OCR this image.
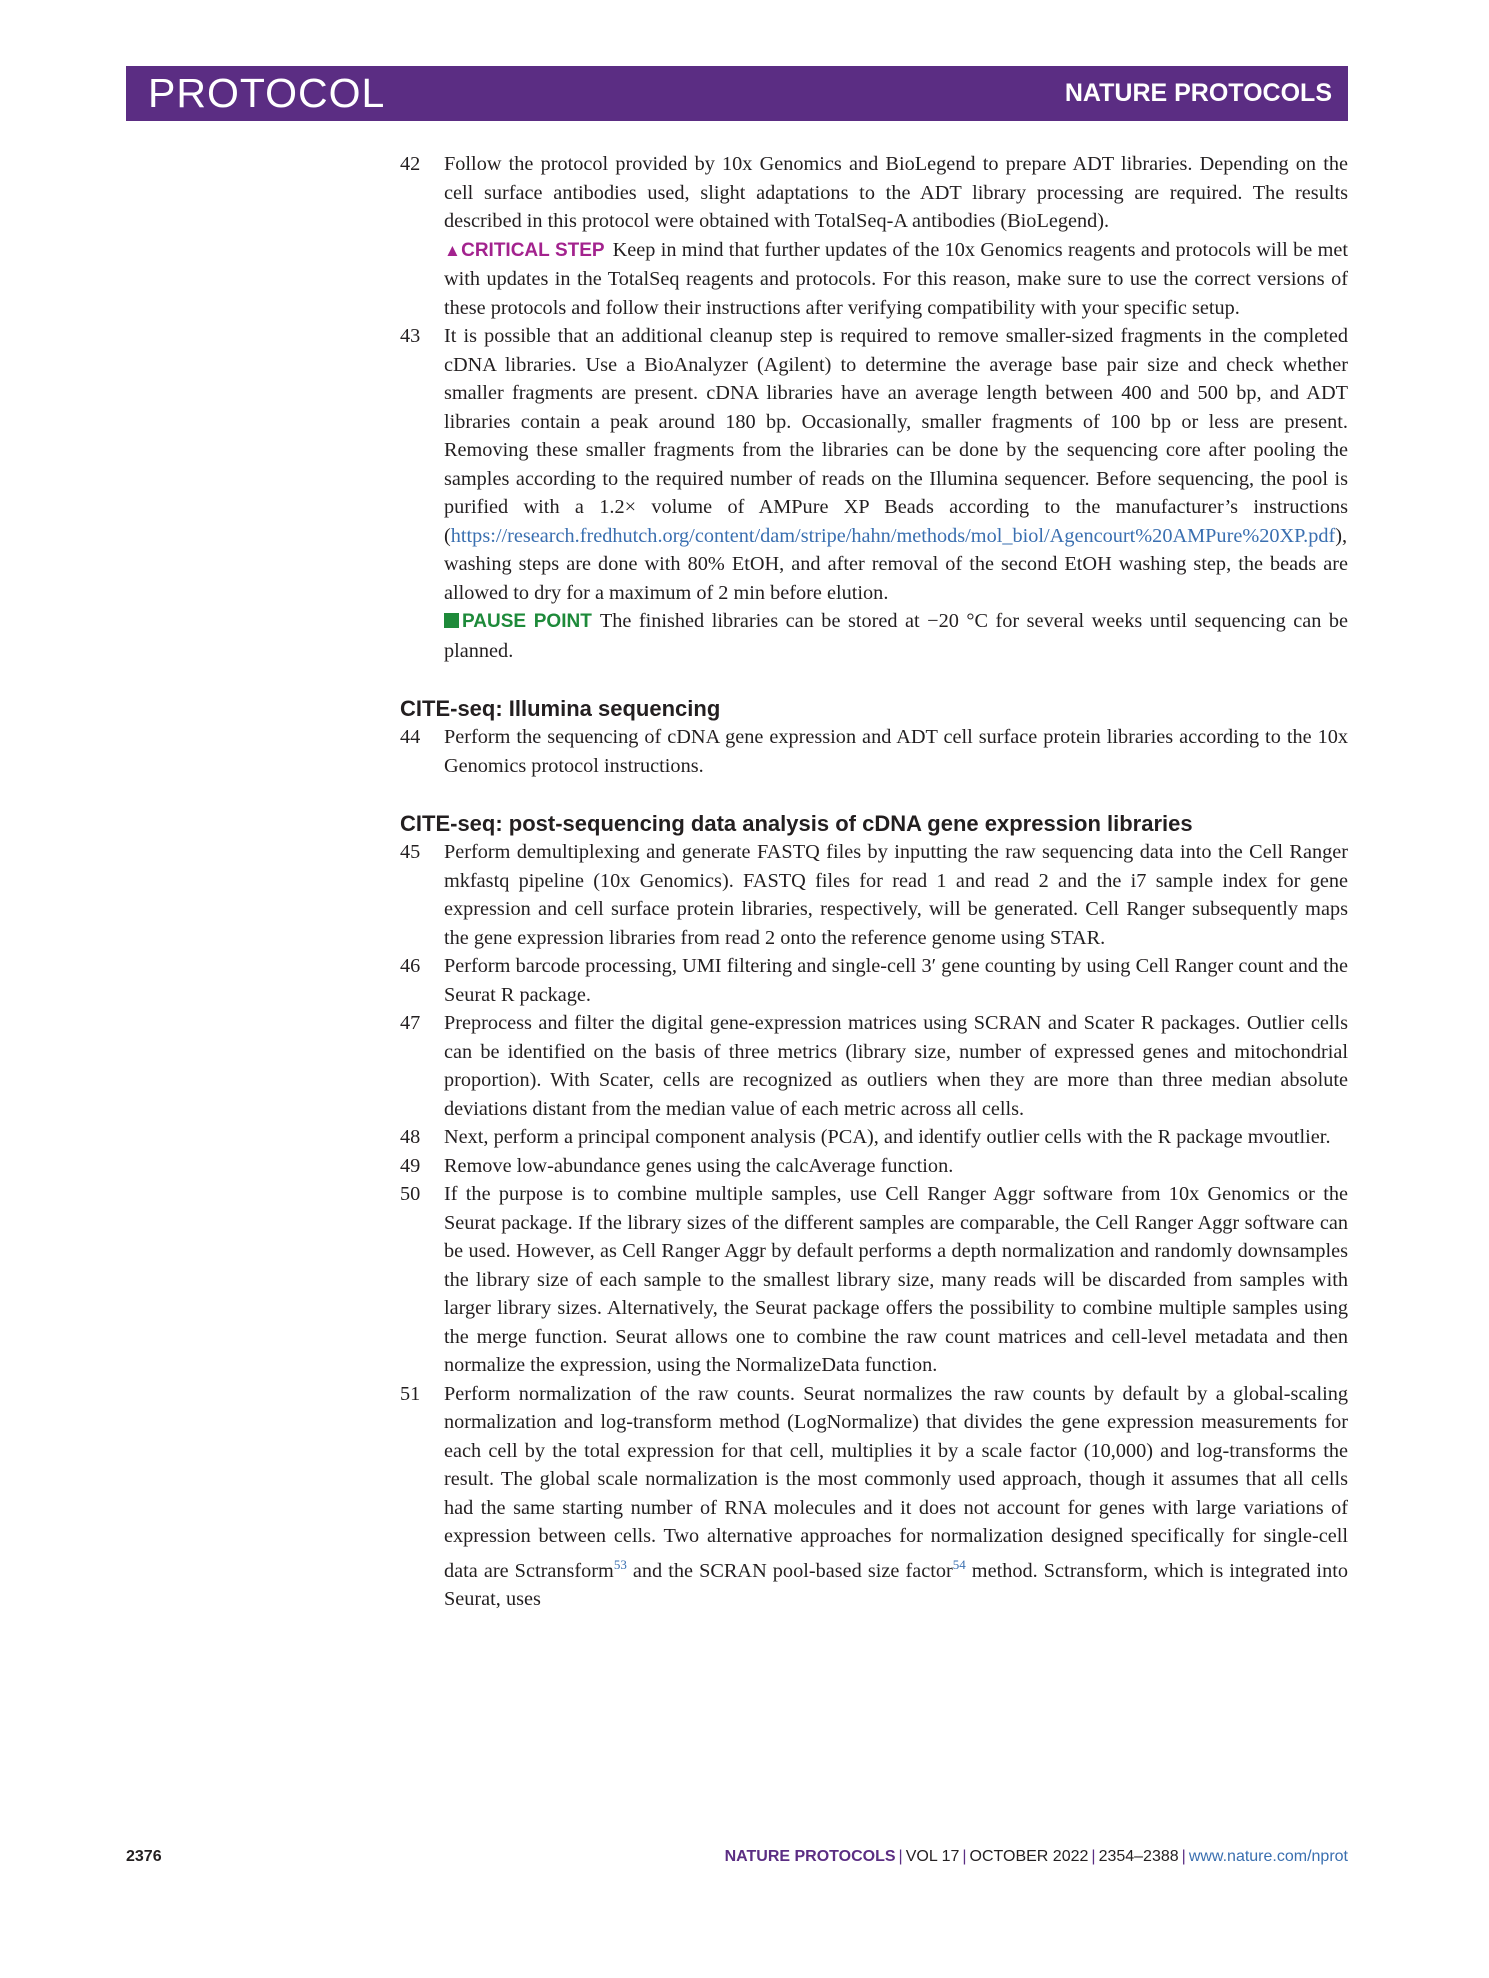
PROTOCOL	NATURE PROTOCOLS
42 Follow the protocol provided by 10x Genomics and BioLegend to prepare ADT libraries. Depending on the cell surface antibodies used, slight adaptations to the ADT library processing are required. The results described in this protocol were obtained with TotalSeq-A antibodies (BioLegend).

▲CRITICAL STEP Keep in mind that further updates of the 10x Genomics reagents and protocols will be met with updates in the TotalSeq reagents and protocols. For this reason, make sure to use the correct versions of these protocols and follow their instructions after verifying compatibility with your specific setup.

43 It is possible that an additional cleanup step is required to remove smaller-sized fragments in the completed cDNA libraries. Use a BioAnalyzer (Agilent) to determine the average base pair size and check whether smaller fragments are present. cDNA libraries have an average length between 400 and 500 bp, and ADT libraries contain a peak around 180 bp. Occasionally, smaller fragments of 100 bp or less are present. Removing these smaller fragments from the libraries can be done by the sequencing core after pooling the samples according to the required number of reads on the Illumina sequencer. Before sequencing, the pool is purified with a 1.2× volume of AMPure XP Beads according to the manufacturer’s instructions (https://research.fredhutch.org/content/dam/stripe/hahn/methods/mol_biol/Agencourt%20AMPure%20XP.pdf), washing steps are done with 80% EtOH, and after removal of the second EtOH washing step, the beads are allowed to dry for a maximum of 2 min before elution.

PAUSE POINT The finished libraries can be stored at −20 °C for several weeks until sequencing can be planned.

CITE-seq: Illumina sequencing
44 Perform the sequencing of cDNA gene expression and ADT cell surface protein libraries according to the 10x Genomics protocol instructions.

CITE-seq: post-sequencing data analysis of cDNA gene expression libraries
45 Perform demultiplexing and generate FASTQ files by inputting the raw sequencing data into the Cell Ranger mkfastq pipeline (10x Genomics). FASTQ files for read 1 and read 2 and the i7 sample index for gene expression and cell surface protein libraries, respectively, will be generated. Cell Ranger subsequently maps the gene expression libraries from read 2 onto the reference genome using STAR.

46 Perform barcode processing, UMI filtering and single-cell 3′ gene counting by using Cell Ranger count and the Seurat R package.

47 Preprocess and filter the digital gene-expression matrices using SCRAN and Scater R packages. Outlier cells can be identified on the basis of three metrics (library size, number of expressed genes and mitochondrial proportion). With Scater, cells are recognized as outliers when they are more than three median absolute deviations distant from the median value of each metric across all cells.

48 Next, perform a principal component analysis (PCA), and identify outlier cells with the R package mvoutlier.

49 Remove low-abundance genes using the calcAverage function.

50 If the purpose is to combine multiple samples, use Cell Ranger Aggr software from 10x Genomics or the Seurat package. If the library sizes of the different samples are comparable, the Cell Ranger Aggr software can be used. However, as Cell Ranger Aggr by default performs a depth normalization and randomly downsamples the library size of each sample to the smallest library size, many reads will be discarded from samples with larger library sizes. Alternatively, the Seurat package offers the possibility to combine multiple samples using the merge function. Seurat allows one to combine the raw count matrices and cell-level metadata and then normalize the expression, using the NormalizeData function.

51 Perform normalization of the raw counts. Seurat normalizes the raw counts by default by a global-scaling normalization and log-transform method (LogNormalize) that divides the gene expression measurements for each cell by the total expression for that cell, multiplies it by a scale factor (10,000) and log-transforms the result. The global scale normalization is the most commonly used approach, though it assumes that all cells had the same starting number of RNA molecules and it does not account for genes with large variations of expression between cells. Two alternative approaches for normalization designed specifically for single-cell data are Sctransform$^{53}$ and the SCRAN pool-based size factor$^{54}$ method. Sctransform, which is integrated into Seurat, uses

2376	NATURE PROTOCOLS | VOL 17 | OCTOBER 2022 | 2354–2388 | www.nature.com/nprot
